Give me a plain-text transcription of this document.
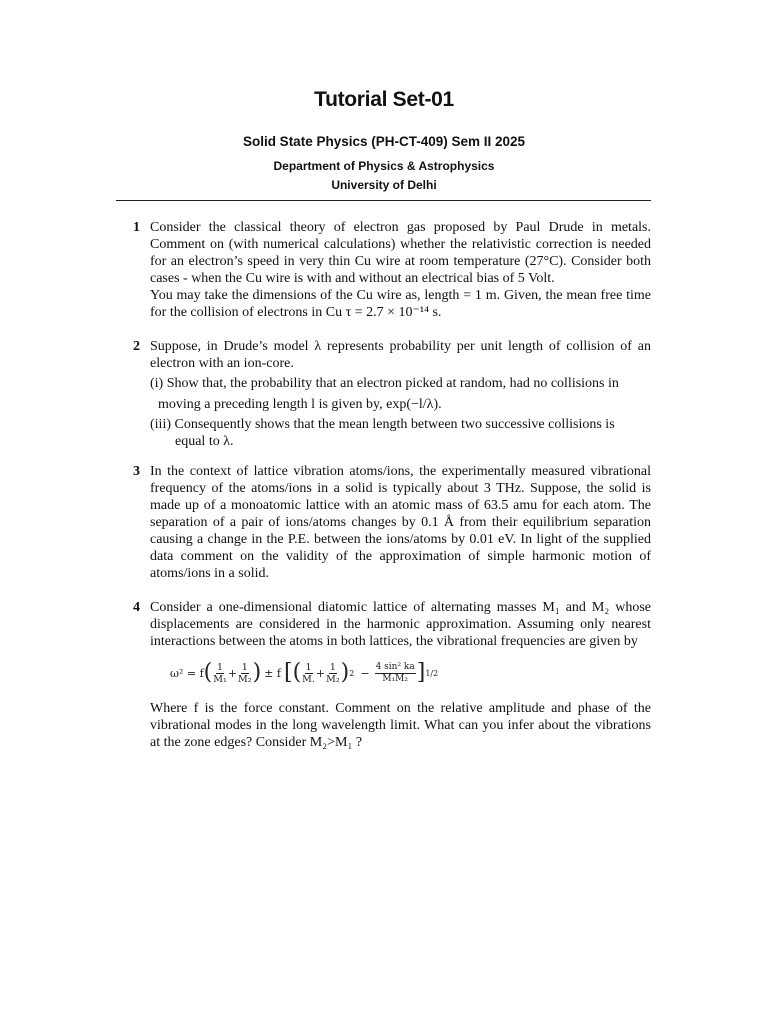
Tutorial Set-01
Solid State Physics (PH-CT-409) Sem II 2025
Department of Physics & Astrophysics
University of Delhi
1 Consider the classical theory of electron gas proposed by Paul Drude in metals. Comment on (with numerical calculations) whether the relativistic correction is needed for an electron’s speed in very thin Cu wire at room temperature (27°C). Consider both cases - when the Cu wire is with and without an electrical bias of 5 Volt.

You may take the dimensions of the Cu wire as, length = 1 m. Given, the mean free time for the collision of electrons in Cu τ = 2.7 × 10⁻¹⁴ s.

2 Suppose, in Drude’s model λ represents probability per unit length of collision of an electron with an ion-core.

(i) Show that, the probability that an electron picked at random, had no collisions in

moving a preceding length l is given by, exp(−l/λ).

(iii) Consequently shows that the mean length between two successive collisions is

equal to λ.

3 In the context of lattice vibration atoms/ions, the experimentally measured vibrational frequency of the atoms/ions in a solid is typically about 3 THz. Suppose, the solid is made up of a monoatomic lattice with an atomic mass of 63.5 amu for each atom. The separation of a pair of ions/atoms changes by 0.1 Å from their equilibrium separation causing a change in the P.E. between the ions/atoms by 0.01 eV. In light of the supplied data comment on the validity of the approximation of simple harmonic motion of atoms/ions in a solid.

4 Consider a one-dimensional diatomic lattice of alternating masses M₁ and M₂ whose displacements are considered in the harmonic approximation. Assuming only nearest interactions between the atoms in both lattices, the vibrational frequencies are given by

ω² = f ( $\frac{1}{\text{M₁}} + \frac{1}{\text{M₂}}$ ) ± f [ ( $\frac{1}{M.} + \frac{1}{\text{M₂}}$ ) $2 - \frac{\text{4 sin² ka}}{\text{M₁M₂}}$ ] 1/2

Where f is the force constant. Comment on the relative amplitude and phase of the vibrational modes in the long wavelength limit. What can you infer about the vibrations at the zone edges? Consider M₂>M₁ ?
